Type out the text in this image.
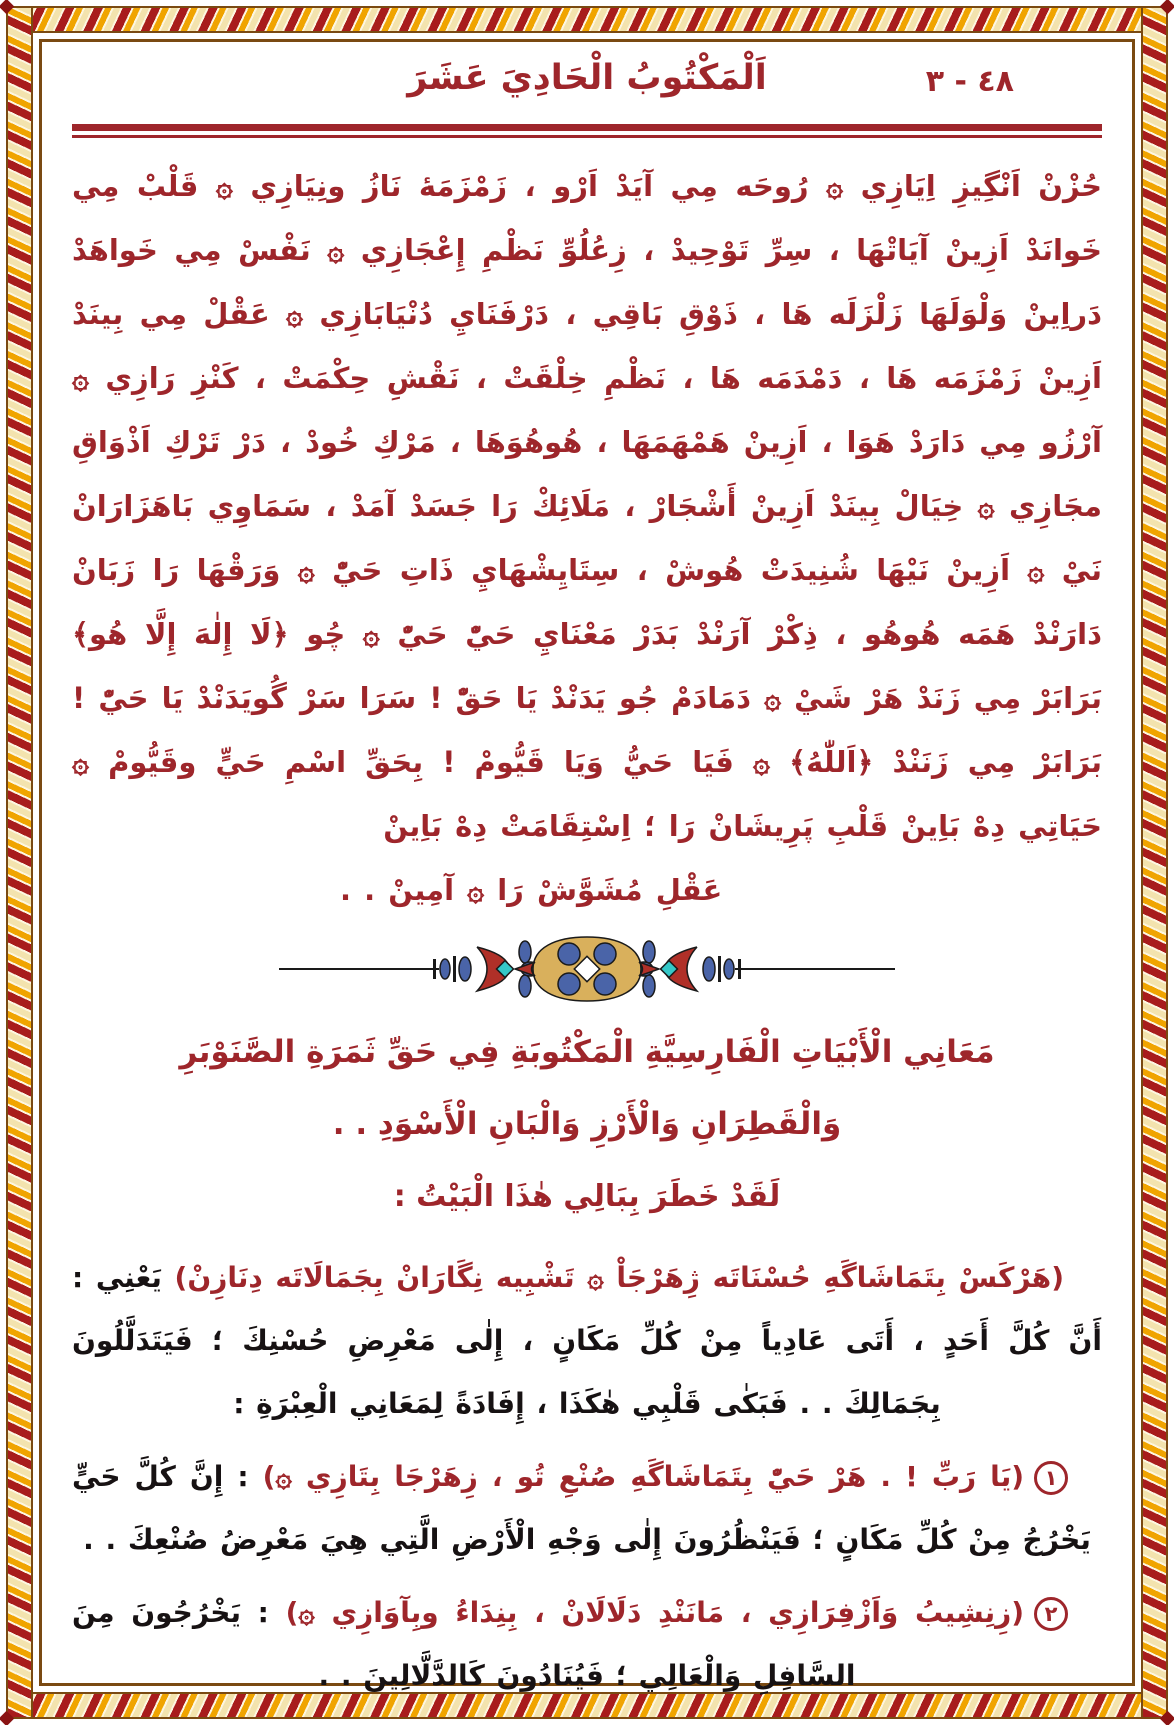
٤٨ - ٣
اَلْمَكْتُوبُ الْحَادِيَ عَشَرَ

حُزْنْ اَنْگِيزِ اِيَازِي ۞ رُوحَه مِي آيَدْ اَرْو ، زَمْزَمَهٔ نَازُ ونِيَازِي ۞ قَلْبْ مِي خَوانَدْ اَزِينْ آيَاتْهَا ، سِرِّ تَوْحِيدْ ، زِعُلُوِّ نَظْمِ إِعْجَازِي ۞ نَفْسْ مِي خَواهَدْ دَراِينْ وَلْوَلَهَا زَلْزَلَه هَا ، ذَوْقِ بَاقِي ، دَرْفَنَايِ دُنْيَابَازِي ۞ عَقْلْ مِي بِينَدْ اَزِينْ زَمْزَمَه هَا ، دَمْدَمَه هَا ، نَظْمِ خِلْقَتْ ، نَقْشِ حِكْمَتْ ، كَنْزِ رَازِي ۞ آرْزُو مِي دَارَدْ هَوَا ، اَزِينْ هَمْهَمَهَا ، هُوهُوَهَا ، مَرْكِ خُودْ ، دَرْ تَرْكِ اَذْوَاقِ مجَازِي ۞ خِيَالْ بِينَدْ اَزِينْ أَشْجَارْ ، مَلَائِكْ رَا جَسَدْ آمَدْ ، سَمَاوِي بَاهَزَارَانْ نَيْ ۞ اَزِينْ نَيْهَا شُنِيدَتْ هُوشْ ، سِتَايِشْهَايِ ذَاتِ حَيّْ ۞ وَرَقْهَا رَا زَبَانْ دَارَنْدْ هَمَه هُوهُو ، ذِكْرْ آرَنْدْ بَدَرْ مَعْنَايِ حَيّْ حَيّْ ۞ چُو ﴿لَا إِلٰهَ إِلَّا هُو﴾ بَرَابَرْ مِي زَنَدْ هَرْ شَيْ ۞ دَمَادَمْ جُو يَدَنْدْ يَا حَقّْ ! سَرَا سَرْ گُويَدَنْدْ يَا حَيّْ ! بَرَابَرْ مِي زَنَنْدْ ﴿اَللّٰهُ﴾ ۞ فَيَا حَيُّ وَيَا قَيُّومْ ! بِحَقِّ اسْمِ حَيٍّ وقَيُّومْ ۞ حَيَاتِي دِهْ بَاِينْ قَلْبِ پَرِيشَانْ رَا ؛ اِسْتِقَامَتْ دِهْ بَاِينْ

عَقْلِ مُشَوَّشْ رَا ۞ آمِينْ . .
مَعَانِي الْأَبْيَاتِ الْفَارِسِيَّةِ الْمَكْتُوبَةِ فِي حَقِّ ثَمَرَةِ الصَّنَوْبَرِ
وَالْقَطِرَانِ وَالْأَرْزِ وَالْبَانِ الْأَسْوَدِ . .
لَقَدْ خَطَرَ بِبَالِي هٰذَا الْبَيْتُ :

(هَرْكَسْ بِتَمَاشَاگَهِ حُسْنَاتَه ژِهَرْجَاْ ۞ تَشْبِيه نِگَارَانْ بِجَمَالَاتَه دِنَازِنْ) يَعْنِي : أَنَّ كُلَّ أَحَدٍ ، أَتَى عَادِياً مِنْ كُلِّ مَكَانٍ ، إِلٰى مَعْرِضِ حُسْنِكَ ؛ فَيَتَدَلَّلُونَ بِجَمَالِكَ . . فَبَكٰى قَلْبِي هٰكَذَا ، إِفَادَةً لِمَعَانِي الْعِبْرَةِ :

١(يَا رَبِّ ! . هَرْ حَيّْ بِتَمَاشَاگَهِ صُنْعِ تُو ، زِهَرْجَا بِتَازِي ۞) : إِنَّ كُلَّ حَيٍّ يَخْرُجُ مِنْ كُلِّ مَكَانٍ ؛ فَيَنْظُرُونَ إِلٰى وَجْهِ الْأَرْضِ الَّتِي هِيَ مَعْرِضُ صُنْعِكَ . .

٢(زِنِشِيبُ وَاَزْفِرَازِي ، مَانَنْدِ دَلَالَانْ ، بِنِدَاءُ وبِآوَازِي ۞) : يَخْرُجُونَ مِنَ السَّافِلِ وَالْعَالِي ؛ فَيُنَادُونَ كَالدَّلَّالِينَ . .
